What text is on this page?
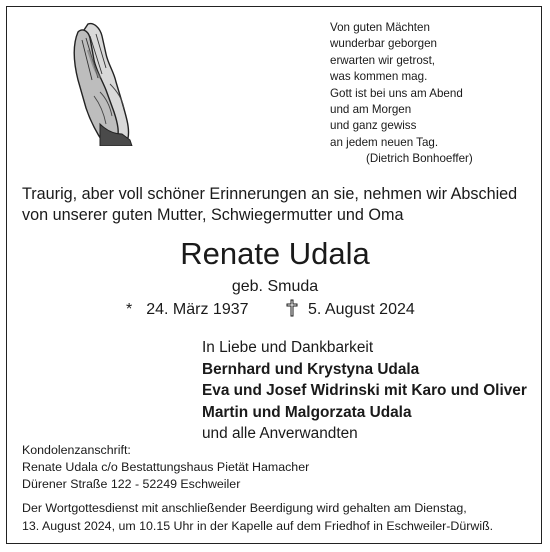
Von guten Mächten
wunderbar geborgen
erwarten wir getrost,
was kommen mag.
Gott ist bei uns am Abend
und am Morgen
und ganz gewiss
an jedem neuen Tag.
(Dietrich Bonhoeffer)
Traurig, aber voll schöner Erinnerungen an sie, nehmen wir Abschied
von unserer guten Mutter, Schwiegermutter und Oma
Renate Udala
geb. Smuda
* 24. März 1937	5. August 2024
In Liebe und Dankbarkeit
Bernhard und Krystyna Udala
Eva und Josef Widrinski mit Karo und Oliver
Martin und Malgorzata Udala
und alle Anverwandten
Kondolenzanschrift:
Renate Udala c/o Bestattungshaus Pietät Hamacher
Dürener Straße 122 - 52249 Eschweiler
Der Wortgottesdienst mit anschließender Beerdigung wird gehalten am Dienstag,
13. August 2024, um 10.15 Uhr in der Kapelle auf dem Friedhof in Eschweiler-Dürwiß.
